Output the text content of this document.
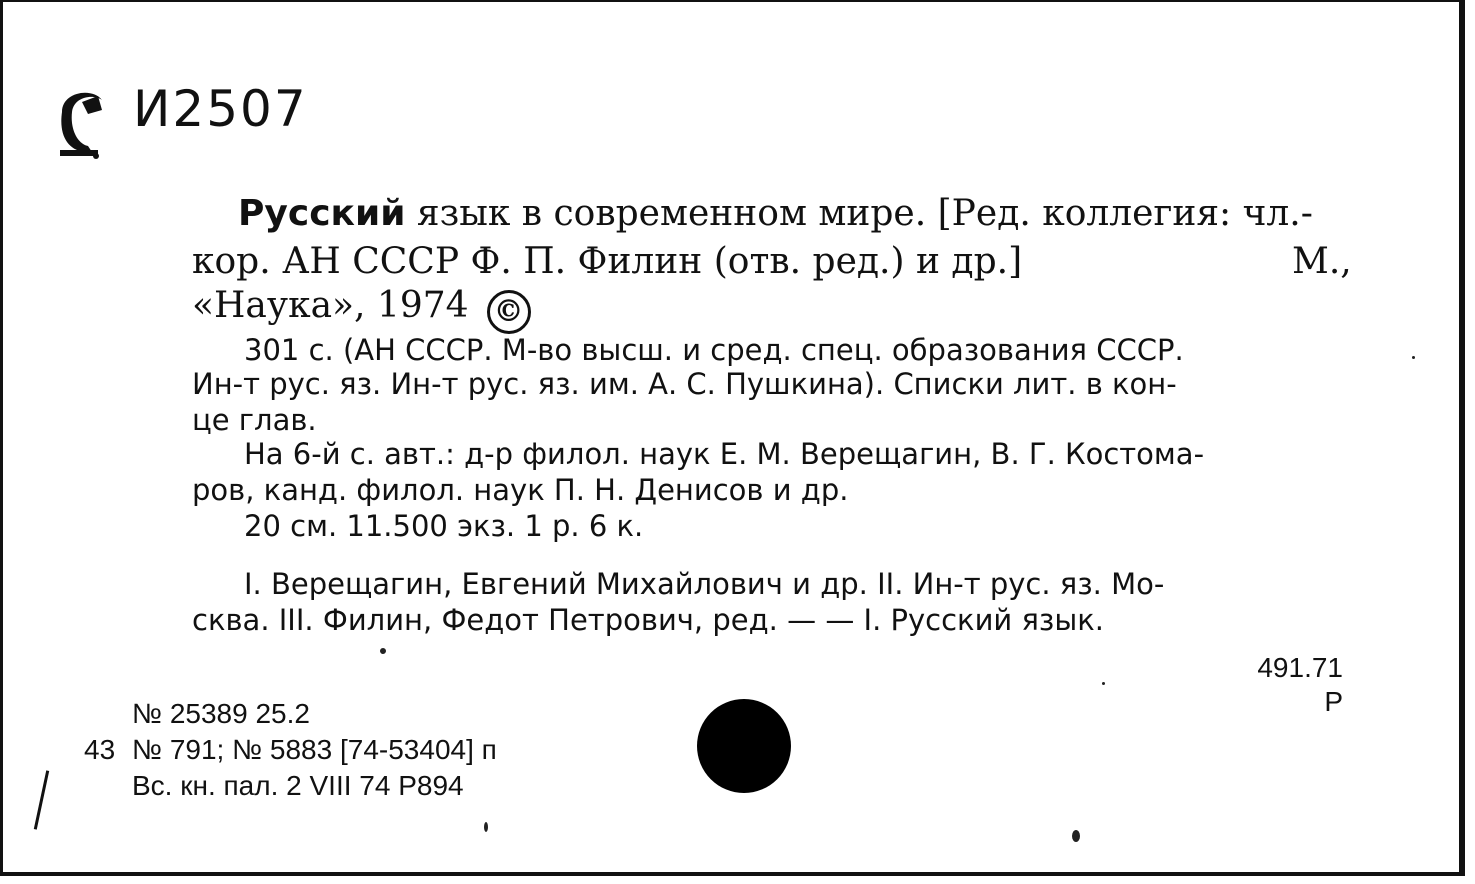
И2507
Русский язык в современном мире. [Ред. коллегия: чл.-
кор. АН СССР Ф. П. Филин (отв. ред.) и др.]	М.,
«Наука», 1974 ©
301 с. (АН СССР. М-во высш. и сред. спец. образования СССР.
Ин-т рус. яз. Ин-т рус. яз. им. А. С. Пушкина). Списки лит. в кон-
це глав.
На 6-й с. авт.: д-р филол. наук Е. М. Верещагин, В. Г. Костома-
ров, канд. филол. наук П. Н. Денисов и др.
20 см. 11.500 экз. 1 р. 6 к.
I. Верещагин, Евгений Михайлович и др. II. Ин-т рус. яз. Мо-
сква. III. Филин, Федот Петрович, ред. — — I. Русский язык.
491.71
Р
№ 25389 25.2
43 № 791; № 5883 [74-53404] п
Вс. кн. пал. 2 VIII 74 Р894
